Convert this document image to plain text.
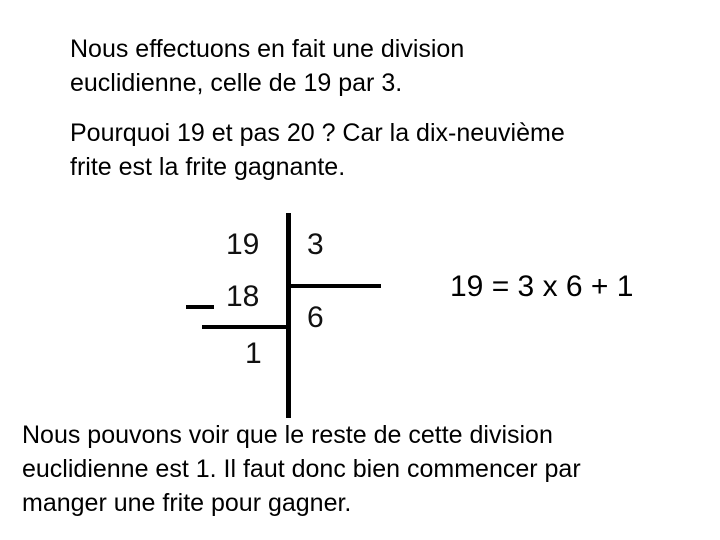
Nous effectuons en fait une division
euclidienne, celle de 19 par 3.

Pourquoi 19 et pas 20 ? Car la dix-neuvième
frite est la frite gagnante.

19 3
18
6
1
19 = 3 x 6 + 1

Nous pouvons voir que le reste de cette division
euclidienne est 1. Il faut donc bien commencer par
manger une frite pour gagner.
